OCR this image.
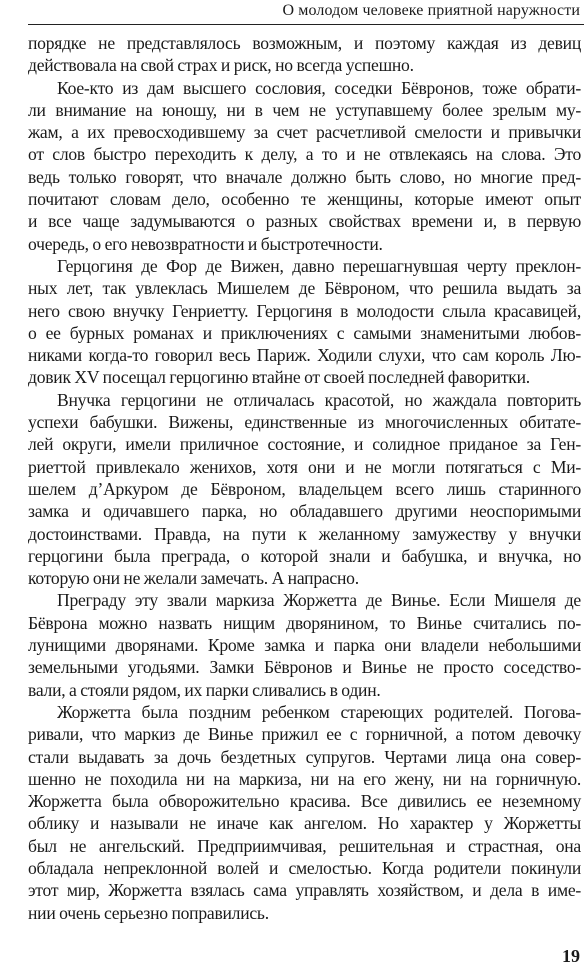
О молодом человеке приятной наружности
порядке не представлялось возможным, и поэтому каждая из девиц
действовала на свой страх и риск, но всегда успешно.
Кое-кто из дам высшего сословия, соседки Бёвронов, тоже обрати-
ли внимание на юношу, ни в чем не уступавшему более зрелым му-
жам, а их превосходившему за счет расчетливой смелости и привычки
от слов быстро переходить к делу, а то и не отвлекаясь на слова. Это
ведь только говорят, что вначале должно быть слово, но многие пред-
почитают словам дело, особенно те женщины, которые имеют опыт
и все чаще задумываются о разных свойствах времени и, в первую
очередь, о его невозвратности и быстротечности.
Герцогиня де Фор де Вижен, давно перешагнувшая черту преклон-
ных лет, так увлеклась Мишелем де Бёвроном, что решила выдать за
него свою внучку Генриетту. Герцогиня в молодости слыла красавицей,
о ее бурных романах и приключениях с самыми знаменитыми любов-
никами когда-то говорил весь Париж. Ходили слухи, что сам король Лю-
довик XV посещал герцогиню втайне от своей последней фаворитки.
Внучка герцогини не отличалась красотой, но жаждала повторить
успехи бабушки. Вижены, единственные из многочисленных обитате-
лей округи, имели приличное состояние, и солидное приданое за Ген-
риеттой привлекало женихов, хотя они и не могли потягаться с Ми-
шелем д’Аркуром де Бёвроном, владельцем всего лишь старинного
замка и одичавшего парка, но обладавшего другими неоспоримыми
достоинствами. Правда, на пути к желанному замужеству у внучки
герцогини была преграда, о которой знали и бабушка, и внучка, но
которую они не желали замечать. А напрасно.
Преграду эту звали маркиза Жоржетта де Винье. Если Мишеля де
Бёврона можно назвать нищим дворянином, то Винье считались по-
лунищими дворянами. Кроме замка и парка они владели небольшими
земельными угодьями. Замки Бёвронов и Винье не просто соседство-
вали, а стояли рядом, их парки сливались в один.
Жоржетта была поздним ребенком стареющих родителей. Погова-
ривали, что маркиз де Винье прижил ее с горничной, а потом девочку
стали выдавать за дочь бездетных супругов. Чертами лица она совер-
шенно не походила ни на маркиза, ни на его жену, ни на горничную.
Жоржетта была обворожительно красива. Все дивились ее неземному
облику и называли не иначе как ангелом. Но характер у Жоржетты
был не ангельский. Предприимчивая, решительная и страстная, она
обладала непреклонной волей и смелостью. Когда родители покинули
этот мир, Жоржетта взялась сама управлять хозяйством, и дела в име-
нии очень серьезно поправились.
19
